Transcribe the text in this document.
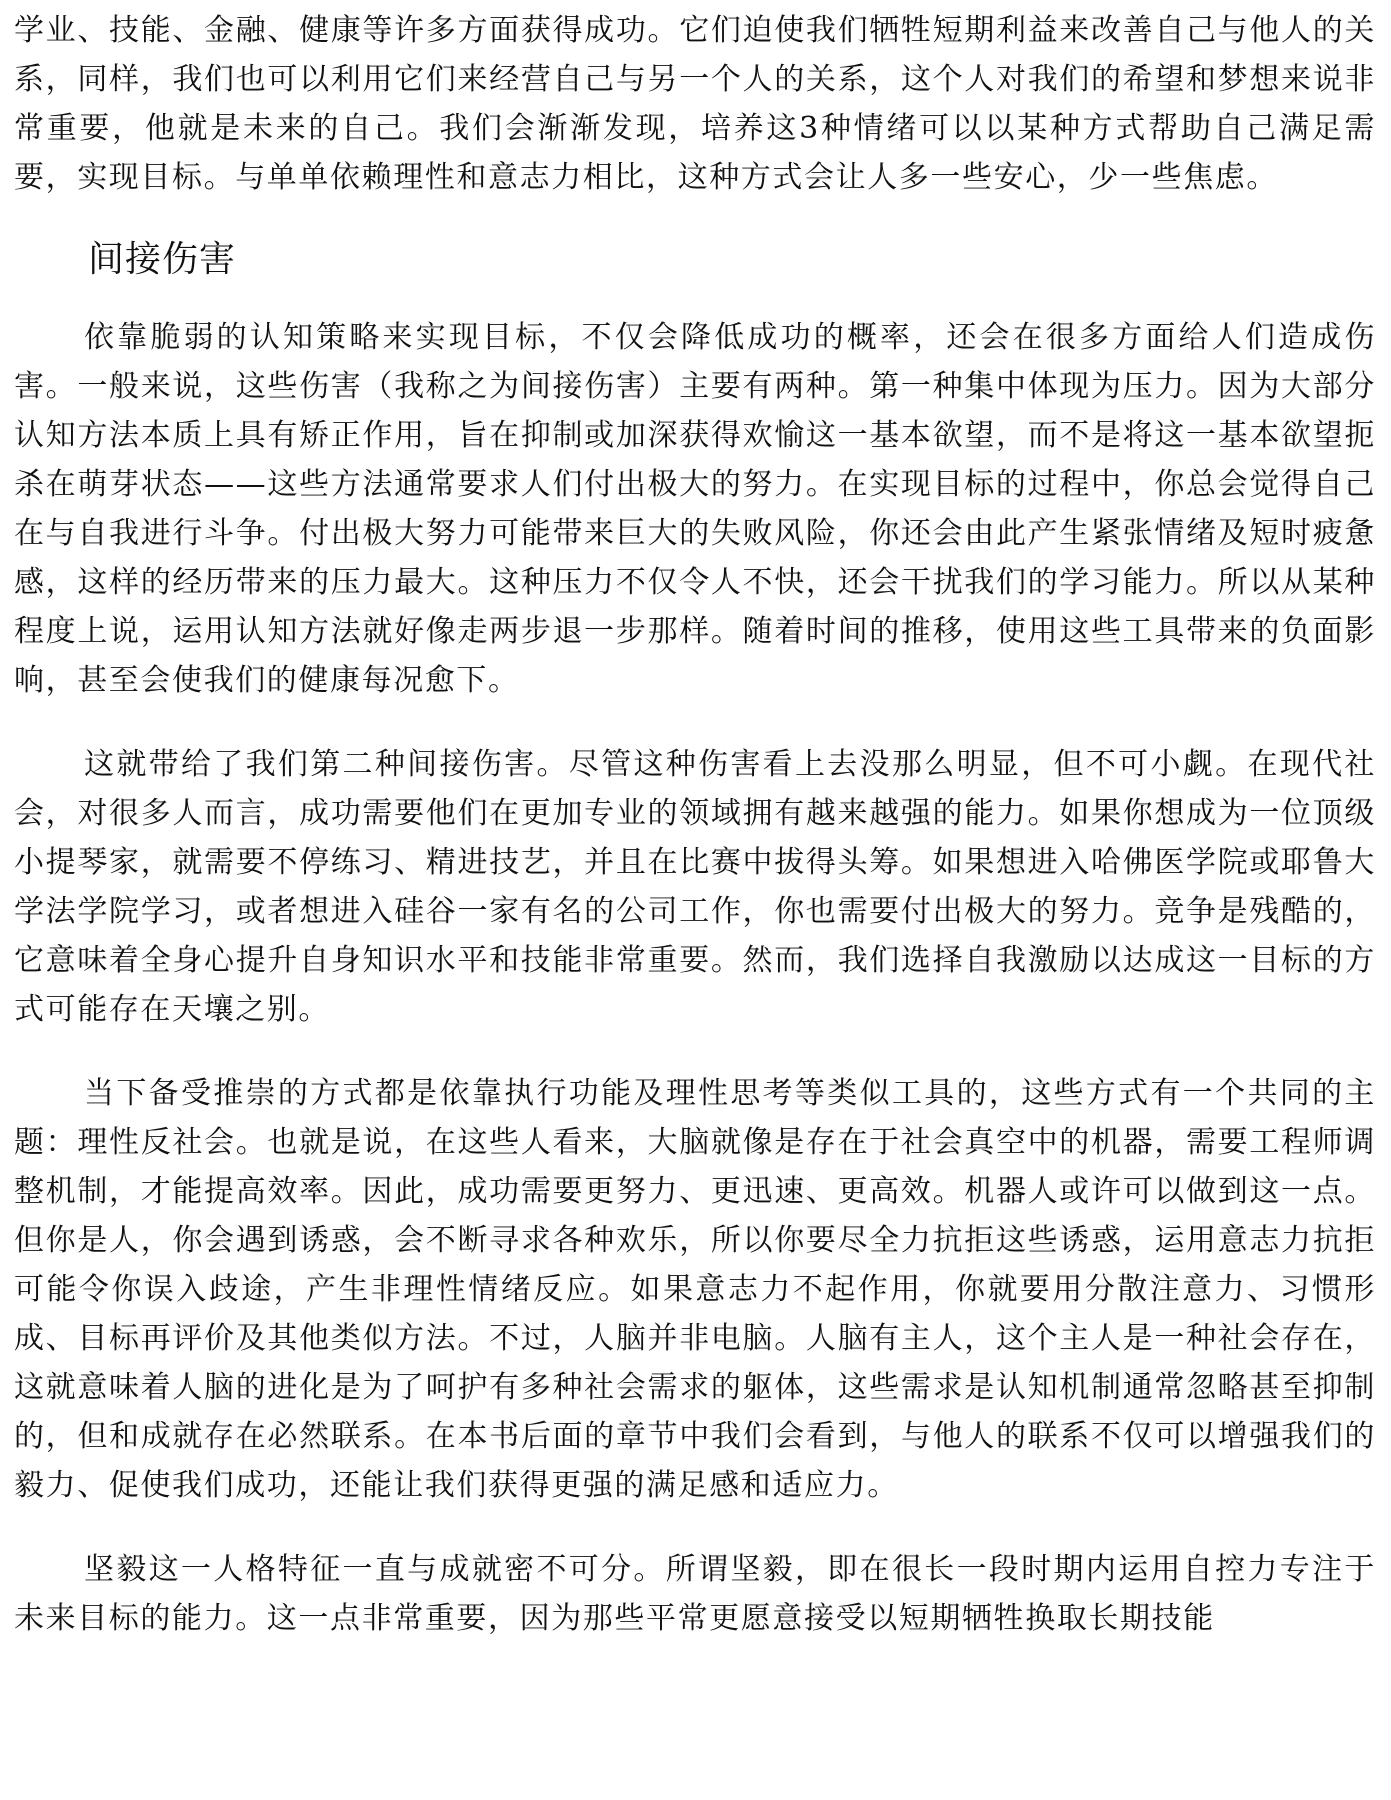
学业、技能、金融、健康等许多方面获得成功。它们迫使我们牺牲短期利益来改善自己与他人的关系，同样，我们也可以利用它们来经营自己与另一个人的关系，这个人对我们的希望和梦想来说非常重要，他就是未来的自己。我们会渐渐发现，培养这3种情绪可以以某种方式帮助自己满足需要，实现目标。与单单依赖理性和意志力相比，这种方式会让人多一些安心，少一些焦虑。

间接伤害

依靠脆弱的认知策略来实现目标，不仅会降低成功的概率，还会在很多方面给人们造成伤害。一般来说，这些伤害（我称之为间接伤害）主要有两种。第一种集中体现为压力。因为大部分认知方法本质上具有矫正作用，旨在抑制或加深获得欢愉这一基本欲望，而不是将这一基本欲望扼杀在萌芽状态——这些方法通常要求人们付出极大的努力。在实现目标的过程中，你总会觉得自己在与自我进行斗争。付出极大努力可能带来巨大的失败风险，你还会由此产生紧张情绪及短时疲惫感，这样的经历带来的压力最大。这种压力不仅令人不快，还会干扰我们的学习能力。所以从某种程度上说，运用认知方法就好像走两步退一步那样。随着时间的推移，使用这些工具带来的负面影响，甚至会使我们的健康每况愈下。

这就带给了我们第二种间接伤害。尽管这种伤害看上去没那么明显，但不可小觑。在现代社会，对很多人而言，成功需要他们在更加专业的领域拥有越来越强的能力。如果你想成为一位顶级小提琴家，就需要不停练习、精进技艺，并且在比赛中拔得头筹。如果想进入哈佛医学院或耶鲁大学法学院学习，或者想进入硅谷一家有名的公司工作，你也需要付出极大的努力。竞争是残酷的，它意味着全身心提升自身知识水平和技能非常重要。然而，我们选择自我激励以达成这一目标的方式可能存在天壤之别。

当下备受推崇的方式都是依靠执行功能及理性思考等类似工具的，这些方式有一个共同的主题：理性反社会。也就是说，在这些人看来，大脑就像是存在于社会真空中的机器，需要工程师调整机制，才能提高效率。因此，成功需要更努力、更迅速、更高效。机器人或许可以做到这一点。但你是人，你会遇到诱惑，会不断寻求各种欢乐，所以你要尽全力抗拒这些诱惑，运用意志力抗拒可能令你误入歧途，产生非理性情绪反应。如果意志力不起作用，你就要用分散注意力、习惯形成、目标再评价及其他类似方法。不过，人脑并非电脑。人脑有主人，这个主人是一种社会存在，这就意味着人脑的进化是为了呵护有多种社会需求的躯体，这些需求是认知机制通常忽略甚至抑制的，但和成就存在必然联系。在本书后面的章节中我们会看到，与他人的联系不仅可以增强我们的毅力、促使我们成功，还能让我们获得更强的满足感和适应力。

坚毅这一人格特征一直与成就密不可分。所谓坚毅，即在很长一段时期内运用自控力专注于未来目标的能力。这一点非常重要，因为那些平常更愿意接受以短期牺牲换取长期技能
